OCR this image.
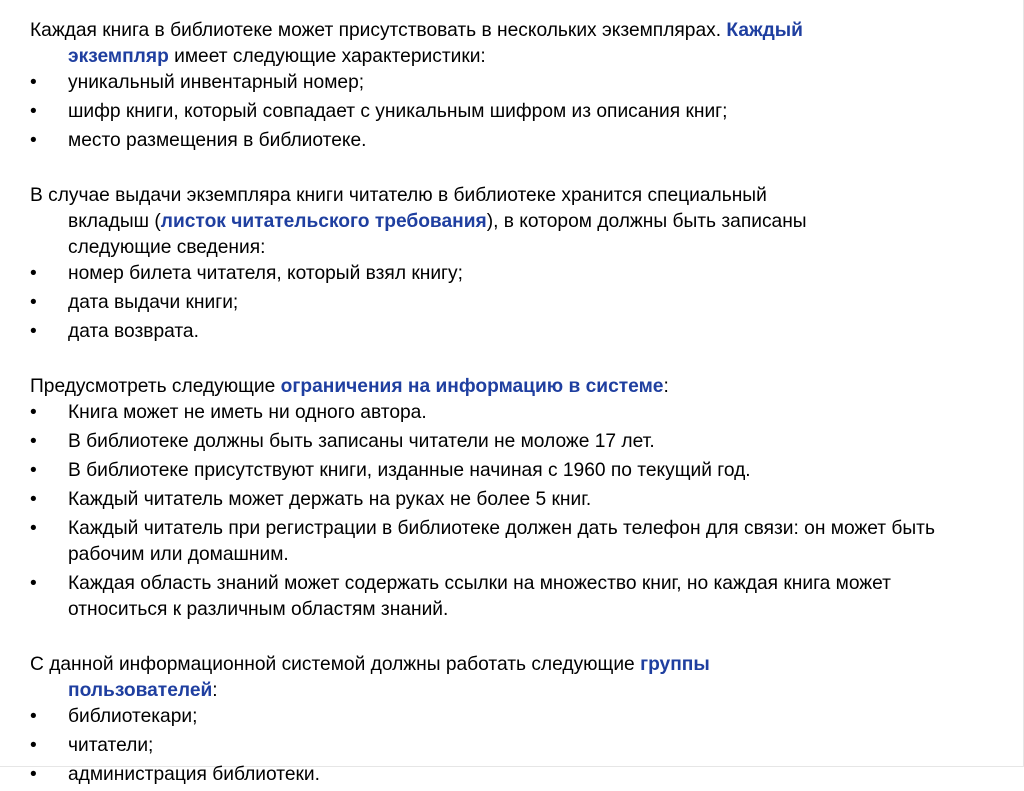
Каждая книга в библиотеке может присутствовать в нескольких экземплярах. Каждый
экземпляр имеет следующие характеристики:

• уникальный инвентарный номер;
• шифр книги, который совпадает с уникальным шифром из описания книг;
• место размещения в библиотеке.

В случае выдачи экземпляра книги читателю в библиотеке хранится специальный
вкладыш (листок читательского требования), в котором должны быть записаны
следующие сведения:

• номер билета читателя, который взял книгу;
• дата выдачи книги;
• дата возврата.

Предусмотреть следующие ограничения на информацию в системе:

• Книга может не иметь ни одного автора.
• В библиотеке должны быть записаны читатели не моложе 17 лет.
• В библиотеке присутствуют книги, изданные начиная с 1960 по текущий год.
• Каждый читатель может держать на руках не более 5 книг.
• Каждый читатель при регистрации в библиотеке должен дать телефон для связи: он может быть рабочим или домашним.
• Каждая область знаний может содержать ссылки на множество книг, но каждая книга может относиться к различным областям знаний.

С данной информационной системой должны работать следующие группы
пользователей:

• библиотекари;
• читатели;
• администрация библиотеки.
